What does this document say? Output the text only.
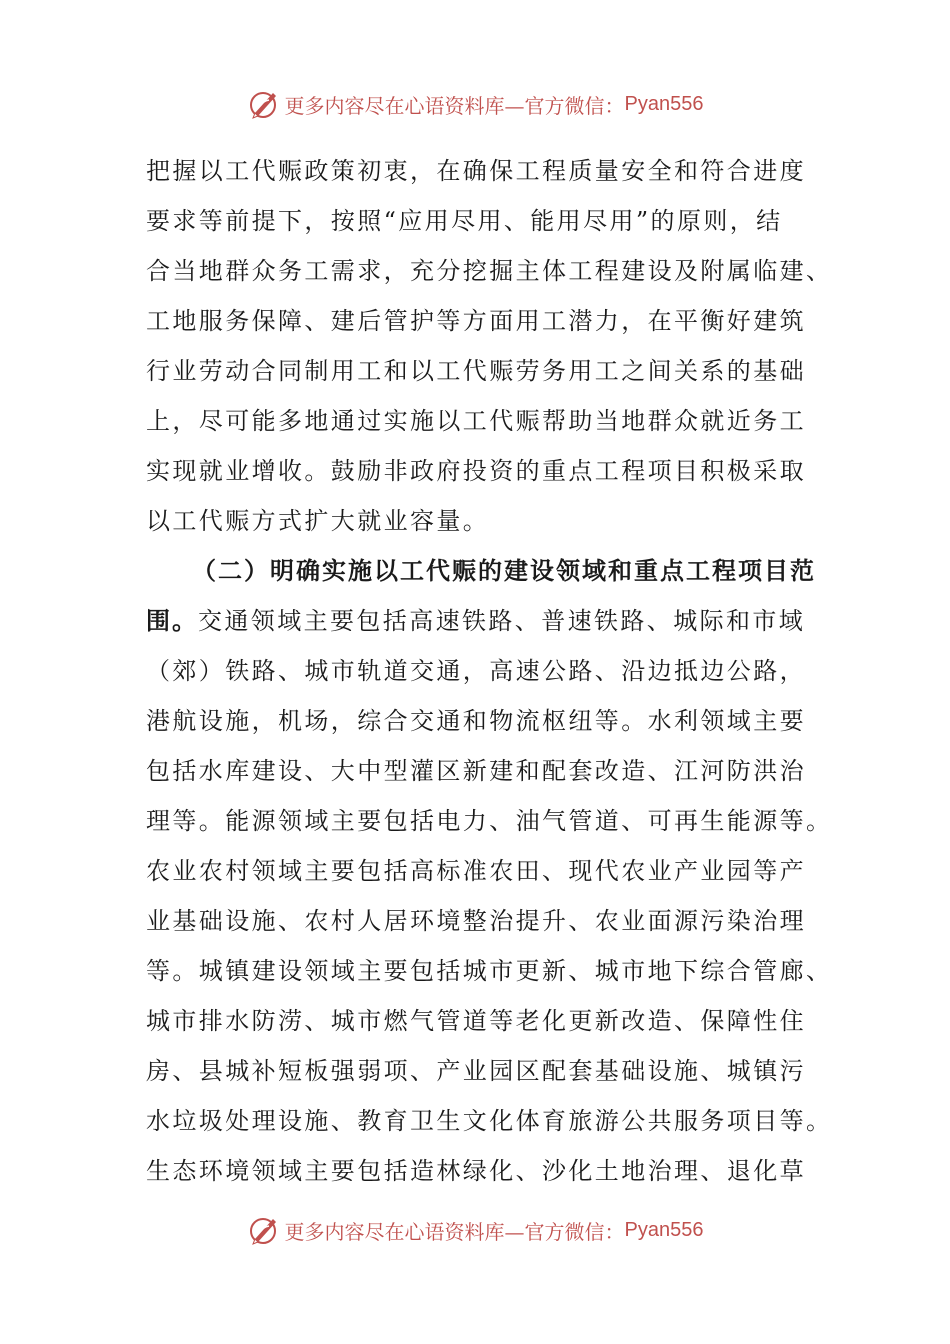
更多内容尽在心语资料库—官方微信： Pyan556
把握以工代赈政策初衷，在确保工程质量安全和符合进度
要求等前提下，按照“应用尽用、能用尽用”的原则，结
合当地群众务工需求，充分挖掘主体工程建设及附属临建、
工地服务保障、建后管护等方面用工潜力，在平衡好建筑
行业劳动合同制用工和以工代赈劳务用工之间关系的基础
上，尽可能多地通过实施以工代赈帮助当地群众就近务工
实现就业增收。鼓励非政府投资的重点工程项目积极采取
以工代赈方式扩大就业容量。
（二）明确实施以工代赈的建设领域和重点工程项目范
围。交通领域主要包括高速铁路、普速铁路、城际和市域
（郊）铁路、城市轨道交通，高速公路、沿边抵边公路，
港航设施，机场，综合交通和物流枢纽等。水利领域主要
包括水库建设、大中型灌区新建和配套改造、江河防洪治
理等。能源领域主要包括电力、油气管道、可再生能源等。
农业农村领域主要包括高标准农田、现代农业产业园等产
业基础设施、农村人居环境整治提升、农业面源污染治理
等。城镇建设领域主要包括城市更新、城市地下综合管廊、
城市排水防涝、城市燃气管道等老化更新改造、保障性住
房、县城补短板强弱项、产业园区配套基础设施、城镇污
水垃圾处理设施、教育卫生文化体育旅游公共服务项目等。
生态环境领域主要包括造林绿化、沙化土地治理、退化草
更多内容尽在心语资料库—官方微信： Pyan556
